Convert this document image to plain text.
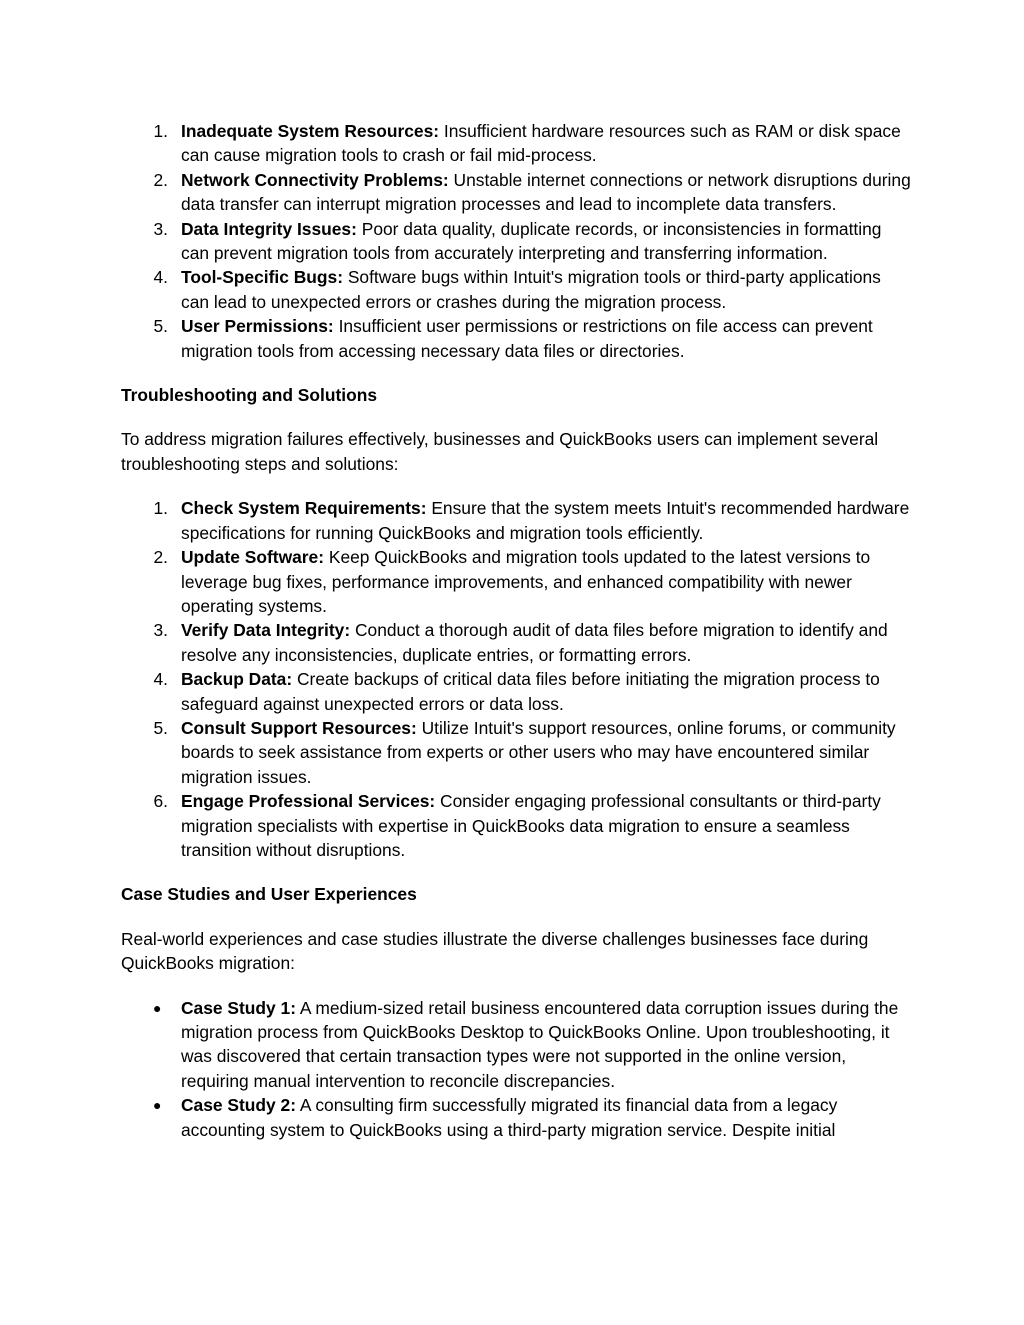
1. Inadequate System Resources: Insufficient hardware resources such as RAM or disk space can cause migration tools to crash or fail mid-process.
2. Network Connectivity Problems: Unstable internet connections or network disruptions during data transfer can interrupt migration processes and lead to incomplete data transfers.
3. Data Integrity Issues: Poor data quality, duplicate records, or inconsistencies in formatting can prevent migration tools from accurately interpreting and transferring information.
4. Tool-Specific Bugs: Software bugs within Intuit's migration tools or third-party applications can lead to unexpected errors or crashes during the migration process.
5. User Permissions: Insufficient user permissions or restrictions on file access can prevent migration tools from accessing necessary data files or directories.

Troubleshooting and Solutions

To address migration failures effectively, businesses and QuickBooks users can implement several troubleshooting steps and solutions:

1. Check System Requirements: Ensure that the system meets Intuit's recommended hardware specifications for running QuickBooks and migration tools efficiently.
2. Update Software: Keep QuickBooks and migration tools updated to the latest versions to leverage bug fixes, performance improvements, and enhanced compatibility with newer operating systems.
3. Verify Data Integrity: Conduct a thorough audit of data files before migration to identify and resolve any inconsistencies, duplicate entries, or formatting errors.
4. Backup Data: Create backups of critical data files before initiating the migration process to safeguard against unexpected errors or data loss.
5. Consult Support Resources: Utilize Intuit's support resources, online forums, or community boards to seek assistance from experts or other users who may have encountered similar migration issues.
6. Engage Professional Services: Consider engaging professional consultants or third-party migration specialists with expertise in QuickBooks data migration to ensure a seamless transition without disruptions.

Case Studies and User Experiences

Real-world experiences and case studies illustrate the diverse challenges businesses face during QuickBooks migration:

● Case Study 1: A medium-sized retail business encountered data corruption issues during the migration process from QuickBooks Desktop to QuickBooks Online. Upon troubleshooting, it was discovered that certain transaction types were not supported in the online version, requiring manual intervention to reconcile discrepancies.
● Case Study 2: A consulting firm successfully migrated its financial data from a legacy accounting system to QuickBooks using a third-party migration service. Despite initial
